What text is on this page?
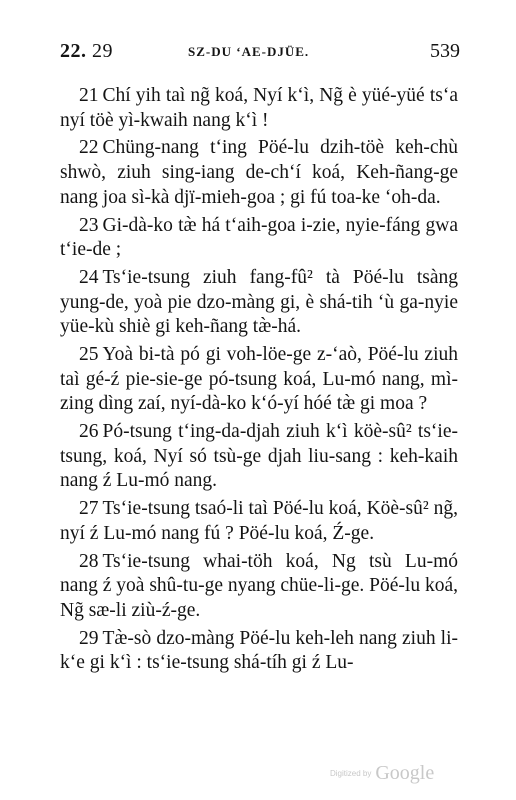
22. 29	SZ-DU ‘AE-DJÜE.	539

21 Chí yih taì ng̃ koá, Nyí k‘ì, Ng̃ è yüé-yüé ts‘a nyí töè yì-kwaih nang k‘ì !

22 Chüng-nang t‘ing Pöé-lu dzih-töè keh-chù shwò, ziuh sing-iang de-ch‘í koá, Keh-ñang-ge nang joa sì-kà djï-mieh-goa ; gi fú toa-ke ‘oh-da.

23 Gi-dà-ko tæ̀ há t‘aih-goa i-zie, nyie-fáng gwa t‘ie-de ;

24 Ts‘ie-tsung ziuh fang-fû² tà Pöé-lu tsàng yung-de, yoà pie dzo-màng gi, è shá-tih ‘ù ga-nyie yüe-kù shiè gi keh-ñang tæ̀-há.

25 Yoà bi-tà pó gi voh-löe-ge z-‘aò, Pöé-lu ziuh taì gé-ź pie-sie-ge pó-tsung koá, Lu-mó nang, mì-zing dìng zaí, nyí-dà-ko k‘ó-yí hóé tæ̀ gi moa ?

26 Pó-tsung t‘ing-da-djah ziuh k‘ì köè-sû² ts‘ie-tsung, koá, Nyí só tsù-ge djah liu-sang : keh-kaih nang ź Lu-mó nang.

27 Ts‘ie-tsung tsaó-li taì Pöé-lu koá, Köè-sû² ng̃, nyí ź Lu-mó nang fú ? Pöé-lu koá, Ź-ge.

28 Ts‘ie-tsung whai-töh koá, Ng tsù Lu-mó nang ź yoà shû-tu-ge nyang chüe-li-ge. Pöé-lu koá, Ng̃ sæ-li ziù-ź-ge.

29 Tæ̀-sò dzo-màng Pöé-lu keh-leh nang ziuh li-k‘e gi k‘ì : ts‘ie-tsung shá-tíh gi ź Lu-

Digitized by Google
